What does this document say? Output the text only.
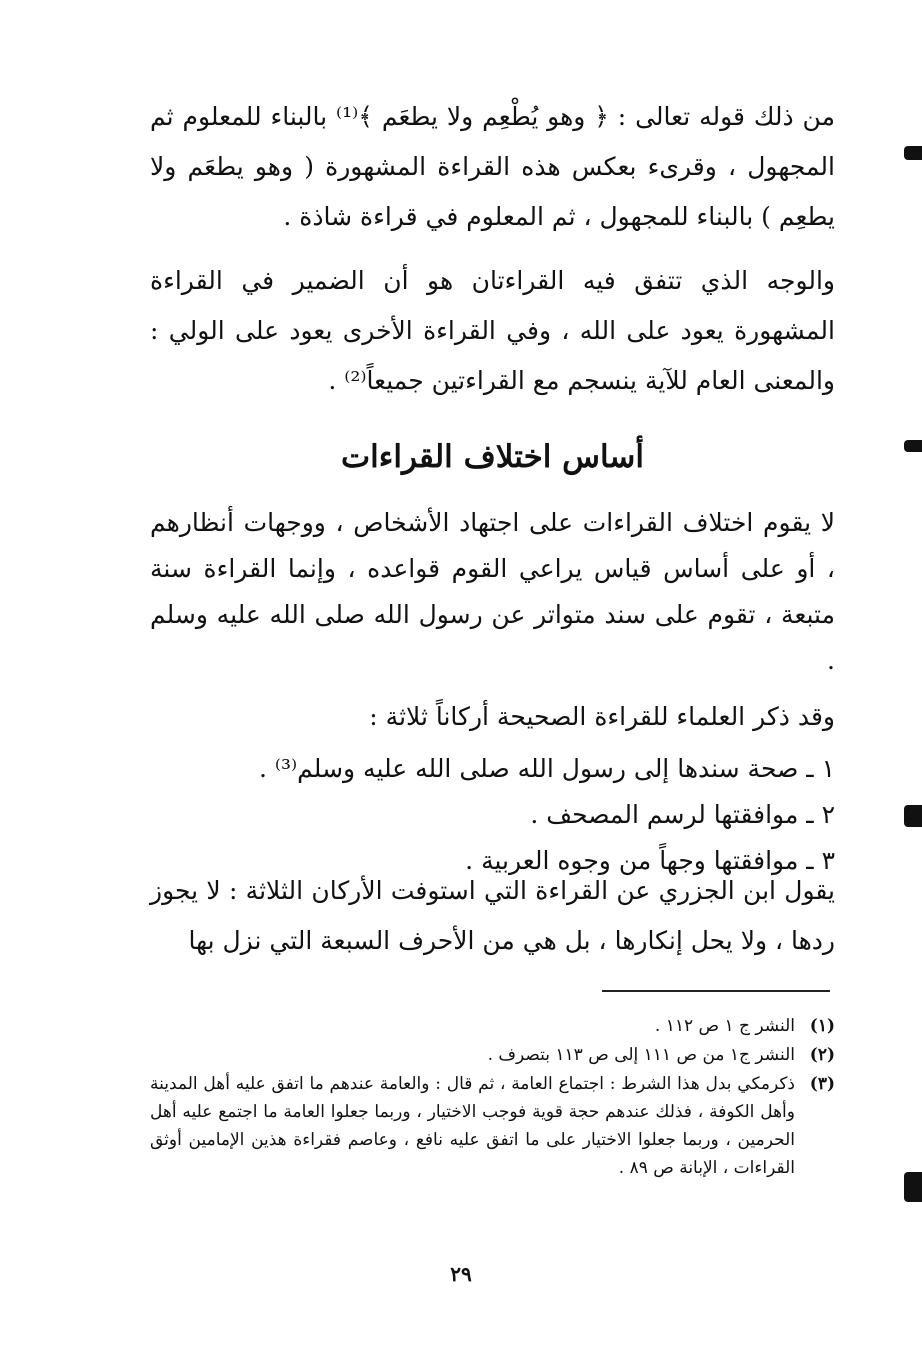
من ذلك قوله تعالى : ﴿ وهو يُطْعِم ولا يطعَم ﴾⁽¹⁾ بالبناء للمعلوم ثم المجهول ، وقرىء بعكس هذه القراءة المشهورة ( وهو يطعَم ولا يطعِم ) بالبناء للمجهول ، ثم المعلوم في قراءة شاذة .

والوجه الذي تتفق فيه القراءتان هو أن الضمير في القراءة المشهورة يعود على الله ، وفي القراءة الأخرى يعود على الولي : والمعنى العام للآية ينسجم مع القراءتين جميعاً⁽²⁾ .

أساس اختلاف القراءات

لا يقوم اختلاف القراءات على اجتهاد الأشخاص ، ووجهات أنظارهم ، أو على أساس قياس يراعي القوم قواعده ، وإنما القراءة سنة متبعة ، تقوم على سند متواتر عن رسول الله صلى الله عليه وسلم .

وقد ذكر العلماء للقراءة الصحيحة أركاناً ثلاثة :

١ ـ صحة سندها إلى رسول الله صلى الله عليه وسلم⁽³⁾ .
٢ ـ موافقتها لرسم المصحف .
٣ ـ موافقتها وجهاً من وجوه العربية .

يقول ابن الجزري عن القراءة التي استوفت الأركان الثلاثة : لا يجوز ردها ، ولا يحل إنكارها ، بل هي من الأحرف السبعة التي نزل بها

(١)
النشر ج ١ ص ١١٢ .
(٢)
النشر ج١ من ص ١١١ إلى ص ١١٣ بتصرف .
(٣)
ذكرمكي بدل هذا الشرط : اجتماع العامة ، ثم قال : والعامة عندهم ما اتفق عليه أهل المدينة وأهل الكوفة ، فذلك عندهم حجة قوية فوجب الاختيار ، وربما جعلوا العامة ما اجتمع عليه أهل الحرمين ، وربما جعلوا الاختيار على ما اتفق عليه نافع ، وعاصم فقراءة هذين الإمامين أوثق القراءات ، الإبانة ص ٨٩ .
٢٩
